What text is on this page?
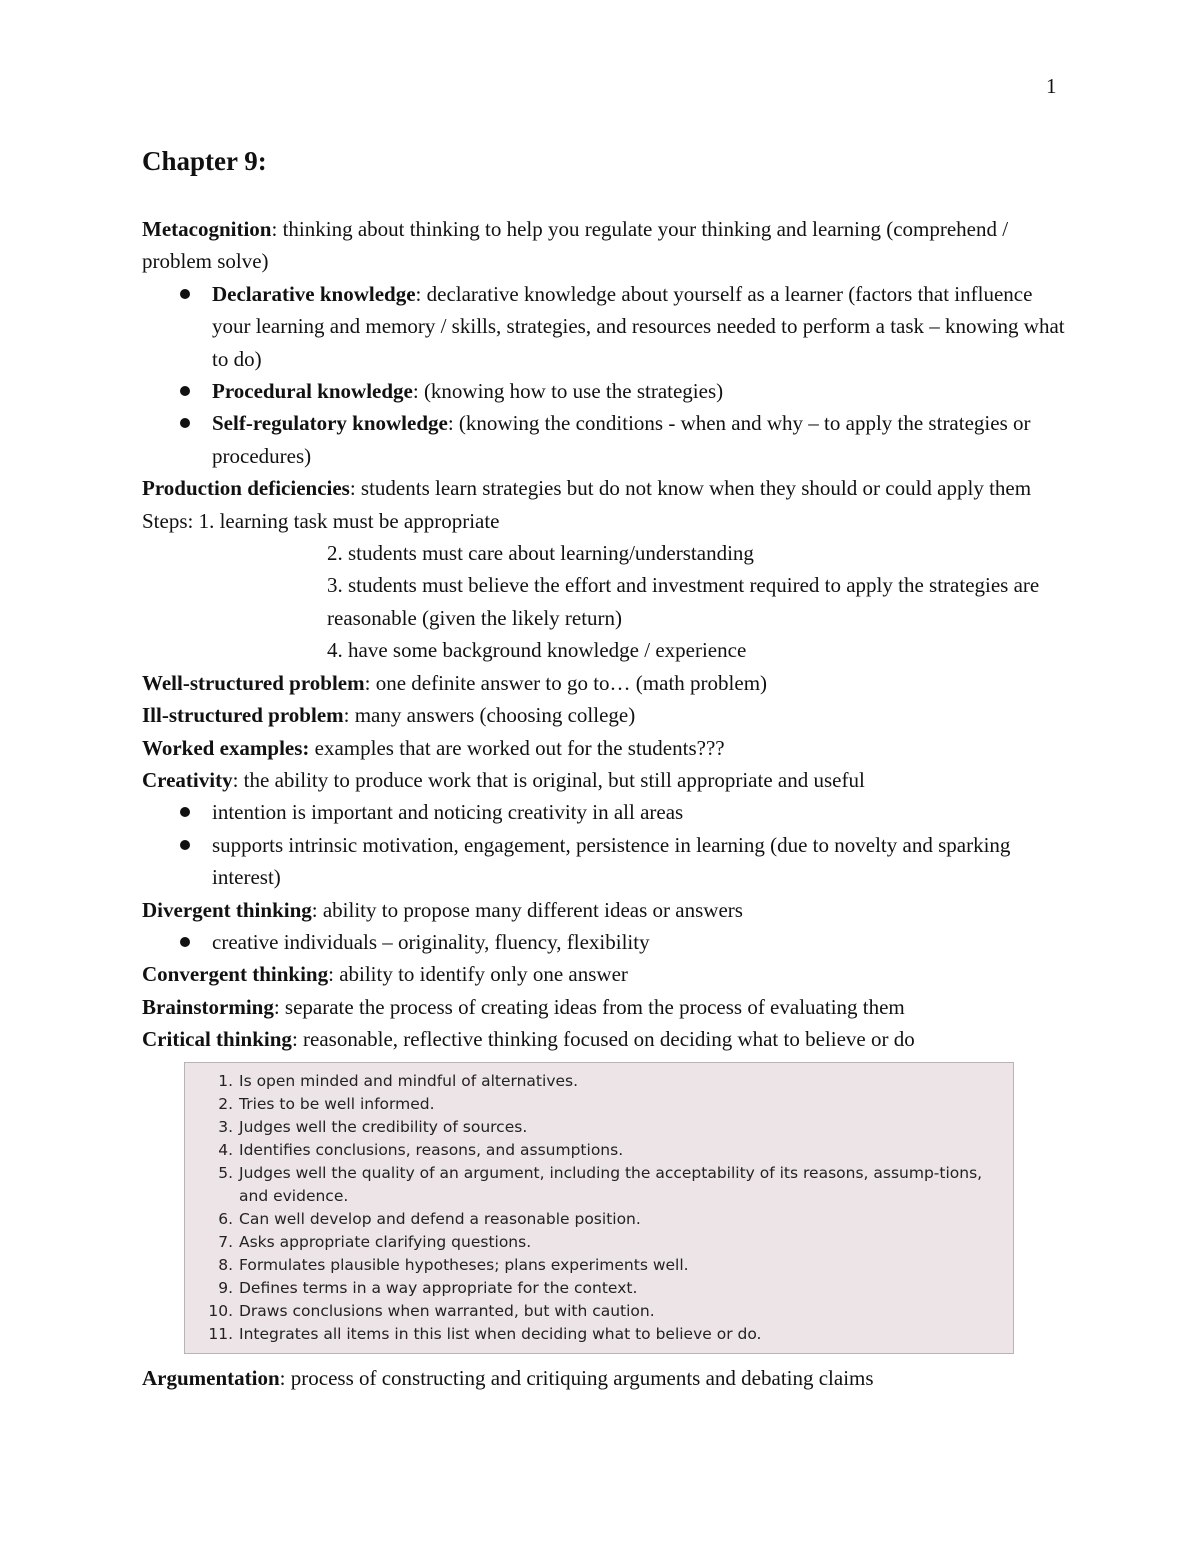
1
Chapter 9:

Metacognition: thinking about thinking to help you regulate your thinking and learning (comprehend / problem solve)

Declarative knowledge: declarative knowledge about yourself as a learner (factors that influence your learning and memory / skills, strategies, and resources needed to perform a task – knowing what to do)
Procedural knowledge: (knowing how to use the strategies)
Self-regulatory knowledge: (knowing the conditions - when and why – to apply the strategies or procedures)

Production deficiencies: students learn strategies but do not know when they should or could apply them Steps: 1. learning task must be appropriate

2. students must care about learning/understanding
3. students must believe the effort and investment required to apply the strategies are reasonable (given the likely return)
4. have some background knowledge / experience

Well-structured problem: one definite answer to go to… (math problem)

Ill-structured problem: many answers (choosing college)

Worked examples: examples that are worked out for the students???

Creativity: the ability to produce work that is original, but still appropriate and useful

intention is important and noticing creativity in all areas
supports intrinsic motivation, engagement, persistence in learning (due to novelty and sparking interest)

Divergent thinking: ability to propose many different ideas or answers

creative individuals – originality, fluency, flexibility

Convergent thinking: ability to identify only one answer

Brainstorming: separate the process of creating ideas from the process of evaluating them

Critical thinking: reasonable, reflective thinking focused on deciding what to believe or do

1. Is open minded and mindful of alternatives.
2. Tries to be well informed.
3. Judges well the credibility of sources.
4. Identifies conclusions, reasons, and assumptions.
5. Judges well the quality of an argument, including the acceptability of its reasons, assump-tions, and evidence.
6. Can well develop and defend a reasonable position.
7. Asks appropriate clarifying questions.
8. Formulates plausible hypotheses; plans experiments well.
9. Defines terms in a way appropriate for the context.
10. Draws conclusions when warranted, but with caution.
11. Integrates all items in this list when deciding what to believe or do.

Argumentation: process of constructing and critiquing arguments and debating claims
